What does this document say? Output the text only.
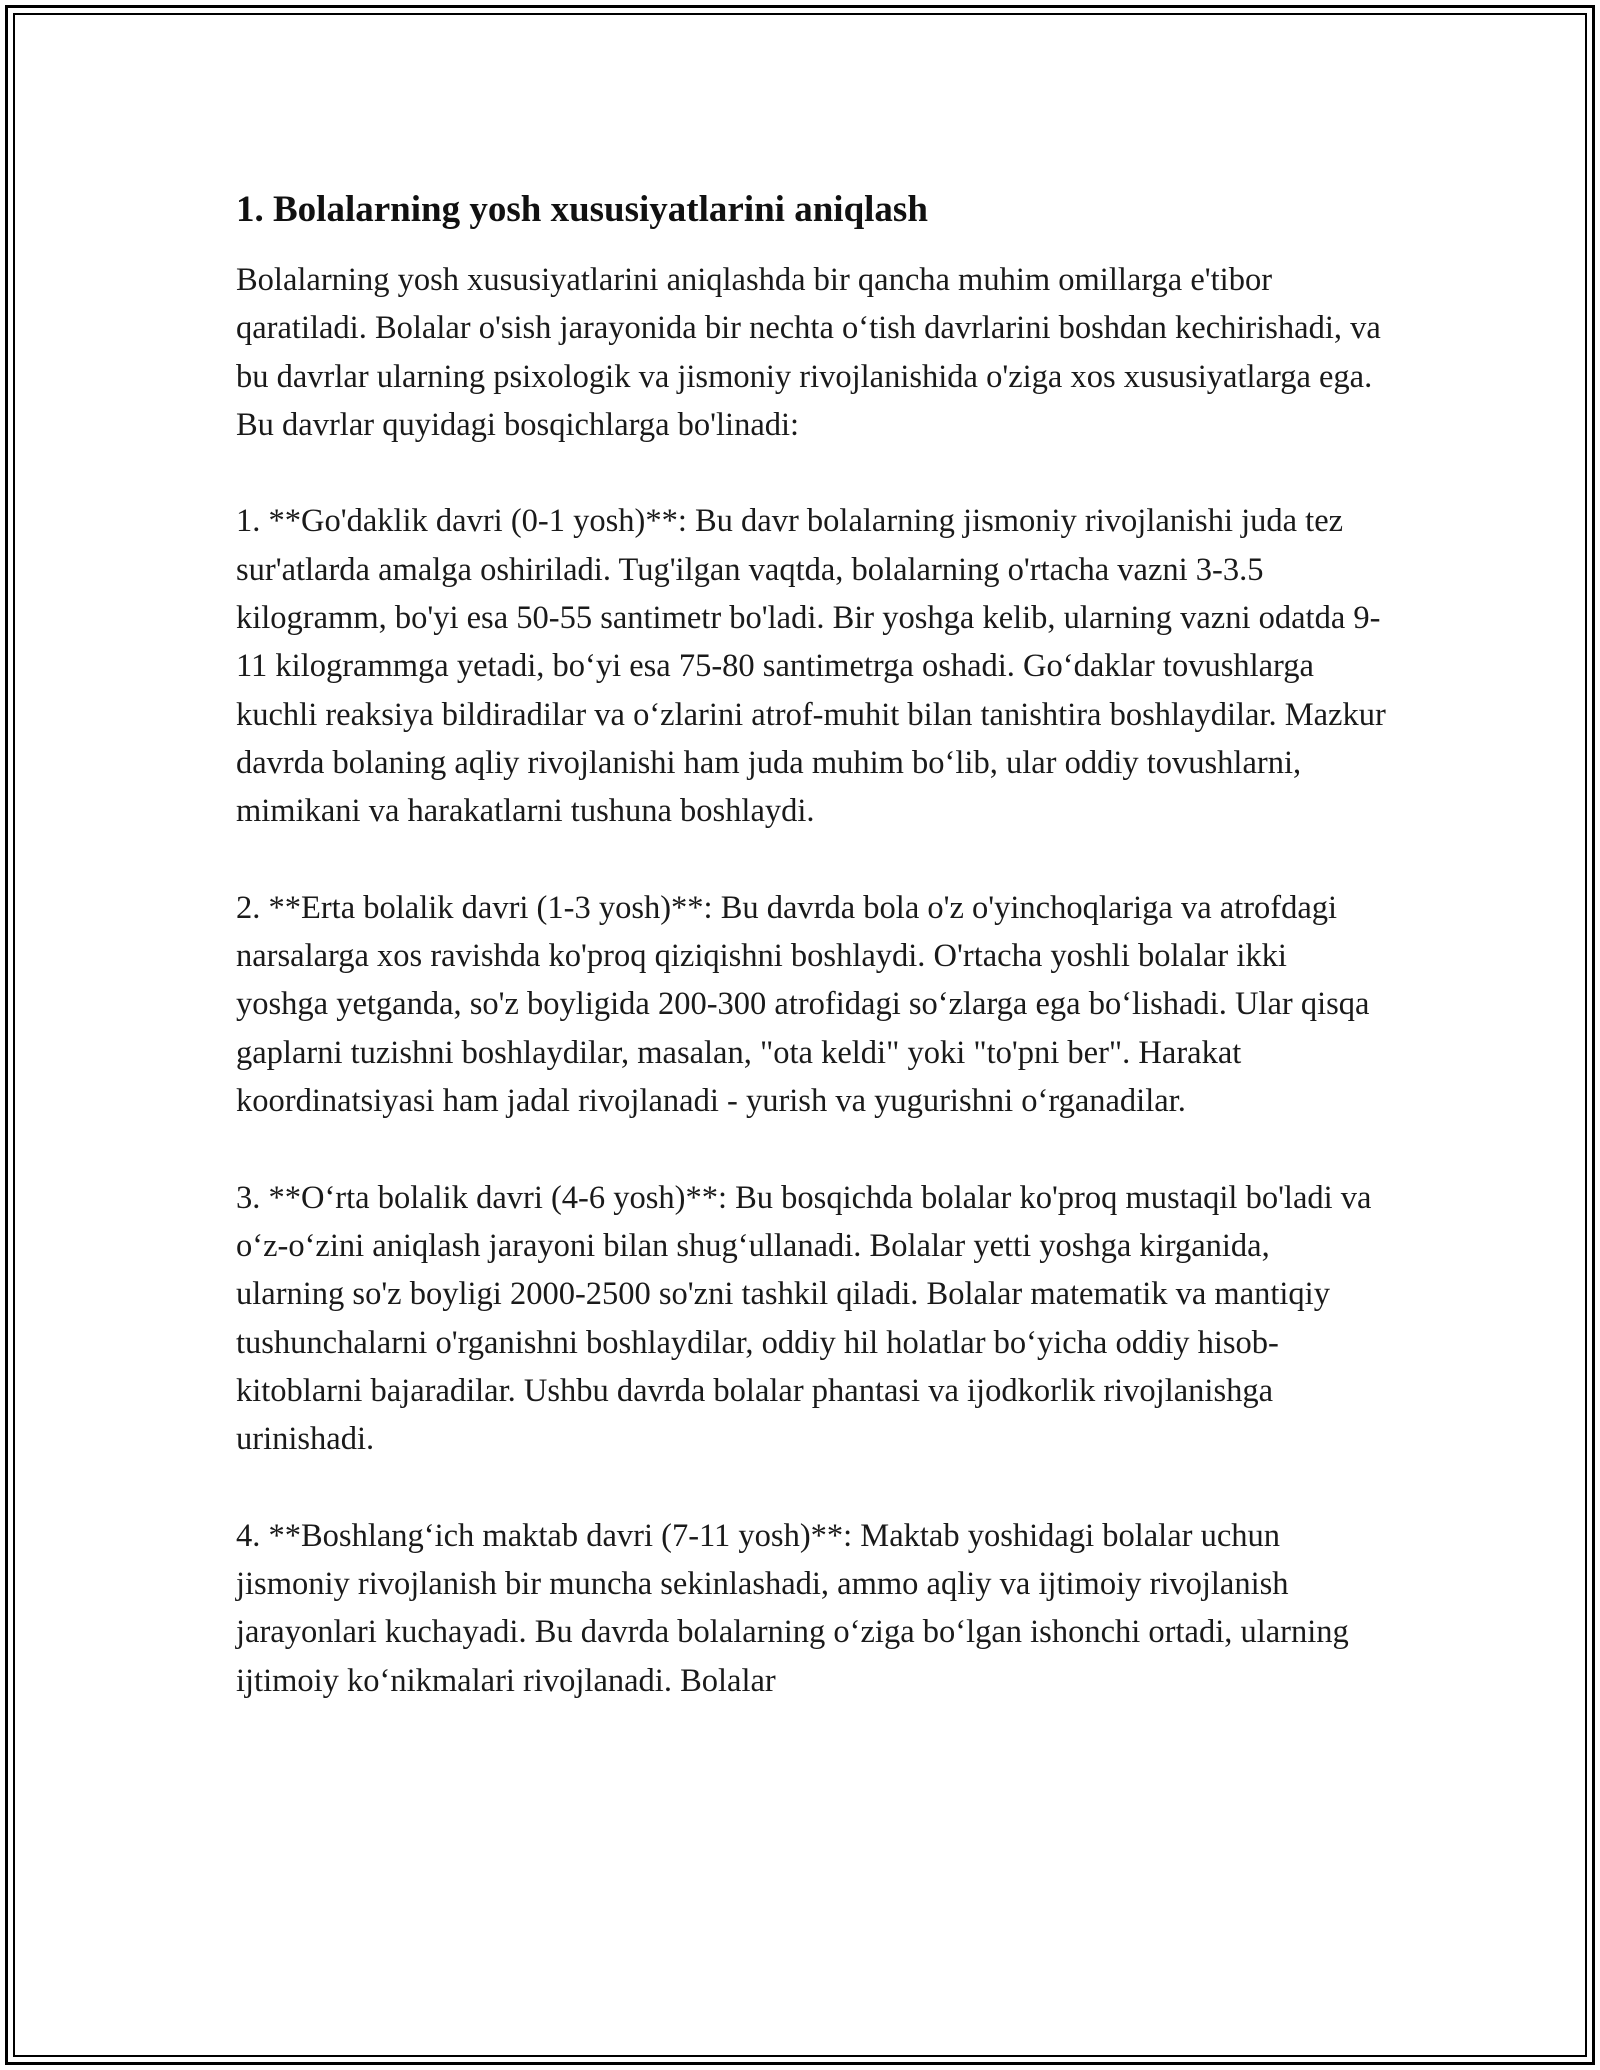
1. Bolalarning yosh xususiyatlarini aniqlash

Bolalarning yosh xususiyatlarini aniqlashda bir qancha muhim omillarga e'tibor qaratiladi. Bolalar o'sish jarayonida bir nechta oʻtish davrlarini boshdan kechirishadi, va bu davrlar ularning psixologik va jismoniy rivojlanishida o'ziga xos xususiyatlarga ega. Bu davrlar quyidagi bosqichlarga bo'linadi:

1. **Go'daklik davri (0-1 yosh)**: Bu davr bolalarning jismoniy rivojlanishi juda tez sur'atlarda amalga oshiriladi. Tug'ilgan vaqtda, bolalarning o'rtacha vazni 3-3.5 kilogramm, bo'yi esa 50-55 santimetr bo'ladi. Bir yoshga kelib, ularning vazni odatda 9-11 kilogrammga yetadi, boʻyi esa 75-80 santimetrga oshadi. Goʻdaklar tovushlarga kuchli reaksiya bildiradilar va oʻzlarini atrof-muhit bilan tanishtira boshlaydilar. Mazkur davrda bolaning aqliy rivojlanishi ham juda muhim boʻlib, ular oddiy tovushlarni, mimikani va harakatlarni tushuna boshlaydi.

2. **Erta bolalik davri (1-3 yosh)**: Bu davrda bola o'z o'yinchoqlariga va atrofdagi narsalarga xos ravishda ko'proq qiziqishni boshlaydi. O'rtacha yoshli bolalar ikki yoshga yetganda, so'z boyligida 200-300 atrofidagi soʻzlarga ega boʻlishadi. Ular qisqa gaplarni tuzishni boshlaydilar, masalan, "ota keldi" yoki "to'pni ber". Harakat koordinatsiyasi ham jadal rivojlanadi - yurish va yugurishni oʻrganadilar.

3. **Oʻrta bolalik davri (4-6 yosh)**: Bu bosqichda bolalar ko'proq mustaqil bo'ladi va oʻz-oʻzini aniqlash jarayoni bilan shugʻullanadi. Bolalar yetti yoshga kirganida, ularning so'z boyligi 2000-2500 so'zni tashkil qiladi. Bolalar matematik va mantiqiy tushunchalarni o'rganishni boshlaydilar, oddiy hil holatlar boʻyicha oddiy hisob-kitoblarni bajaradilar. Ushbu davrda bolalar phantasi va ijodkorlik rivojlanishga urinishadi.

4. **Boshlangʻich maktab davri (7-11 yosh)**: Maktab yoshidagi bolalar uchun jismoniy rivojlanish bir muncha sekinlashadi, ammo aqliy va ijtimoiy rivojlanish jarayonlari kuchayadi. Bu davrda bolalarning oʻziga boʻlgan ishonchi ortadi, ularning ijtimoiy koʻnikmalari rivojlanadi. Bolalar
